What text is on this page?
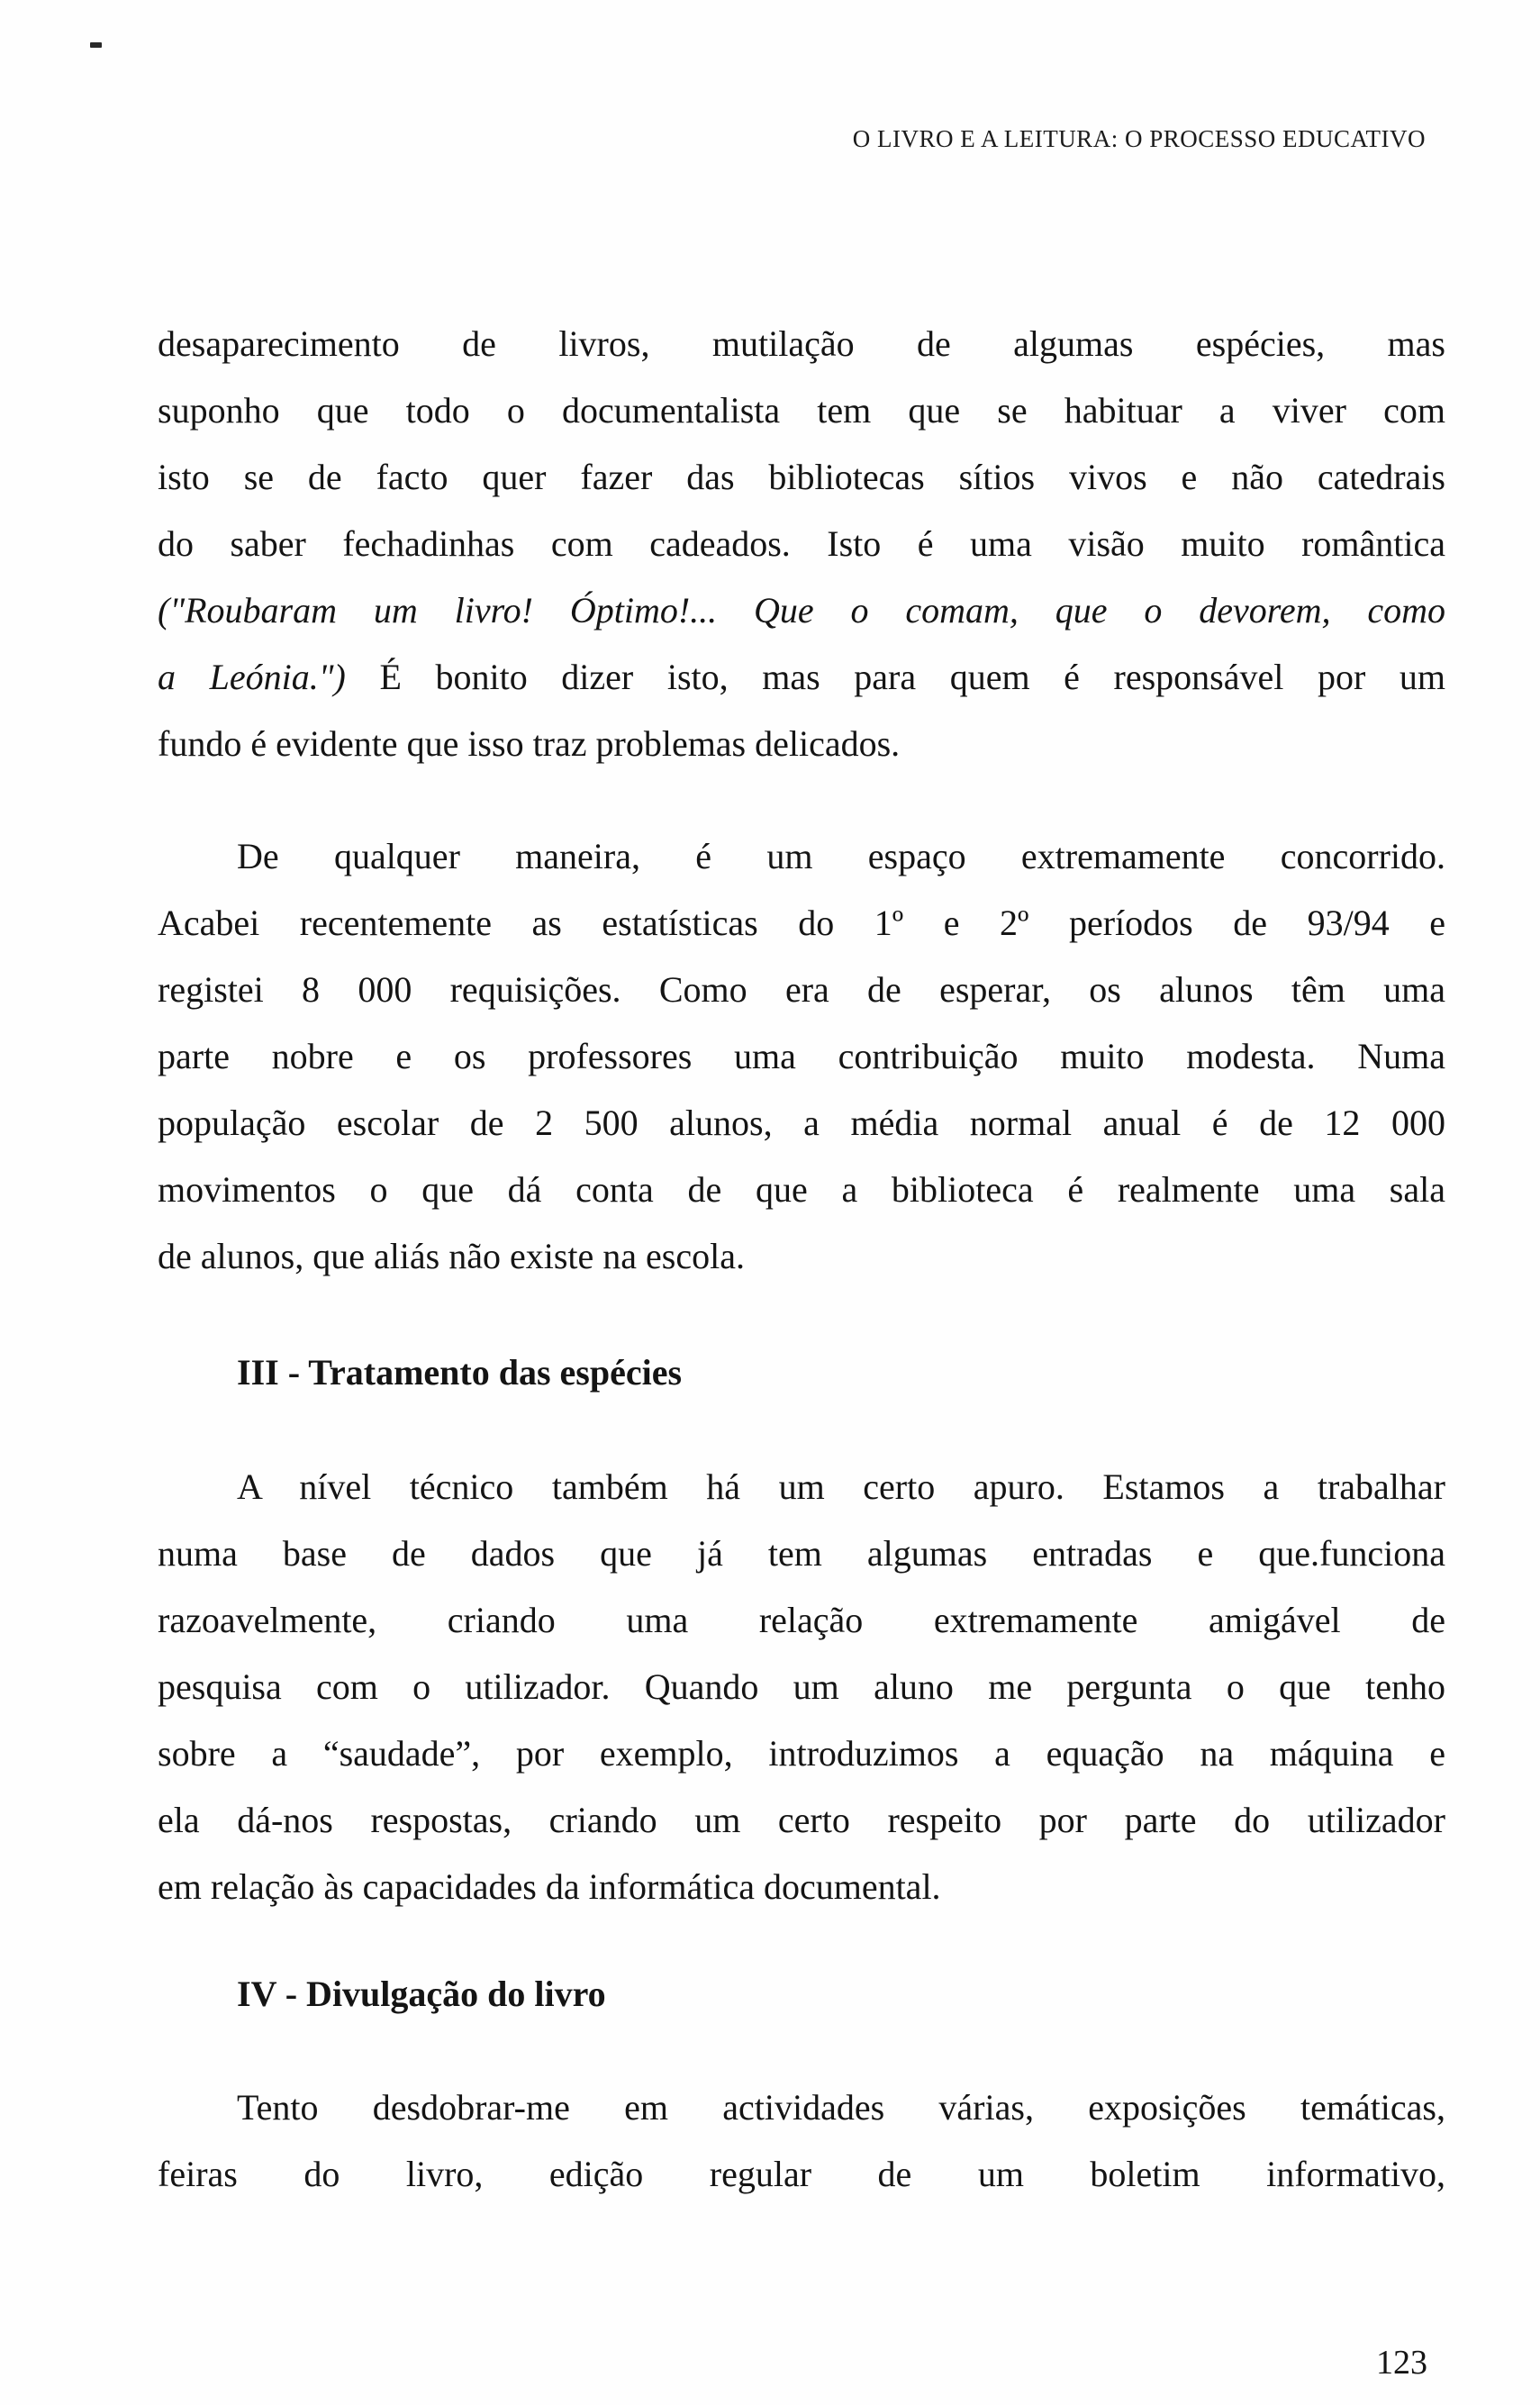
O LIVRO E A LEITURA: O PROCESSO EDUCATIVO
desaparecimento de livros, mutilação de algumas espécies, mas
suponho que todo o documentalista tem que se habituar a viver com
isto se de facto quer fazer das bibliotecas sítios vivos e não catedrais
do saber fechadinhas com cadeados. Isto é uma visão muito romântica
("Roubaram um livro! Óptimo!... Que o comam, que o devorem, como
a Leónia.") É bonito dizer isto, mas para quem é responsável por um
fundo é evidente que isso traz problemas delicados.
De qualquer maneira, é um espaço extremamente concorrido.
Acabei recentemente as estatísticas do 1º e 2º períodos de 93/94 e
registei 8 000 requisições. Como era de esperar, os alunos têm uma
parte nobre e os professores uma contribuição muito modesta. Numa
população escolar de 2 500 alunos, a média normal anual é de 12 000
movimentos o que dá conta de que a biblioteca é realmente uma sala
de alunos, que aliás não existe na escola.
III - Tratamento das espécies
A nível técnico também há um certo apuro. Estamos a trabalhar
numa base de dados que já tem algumas entradas e que.funciona
razoavelmente, criando uma relação extremamente amigável de
pesquisa com o utilizador. Quando um aluno me pergunta o que tenho
sobre a “saudade”, por exemplo, introduzimos a equação na máquina e
ela dá-nos respostas, criando um certo respeito por parte do utilizador
em relação às capacidades da informática documental.
IV - Divulgação do livro
Tento desdobrar-me em actividades várias, exposições temáticas,
feiras do livro, edição regular de um boletim informativo,
123
